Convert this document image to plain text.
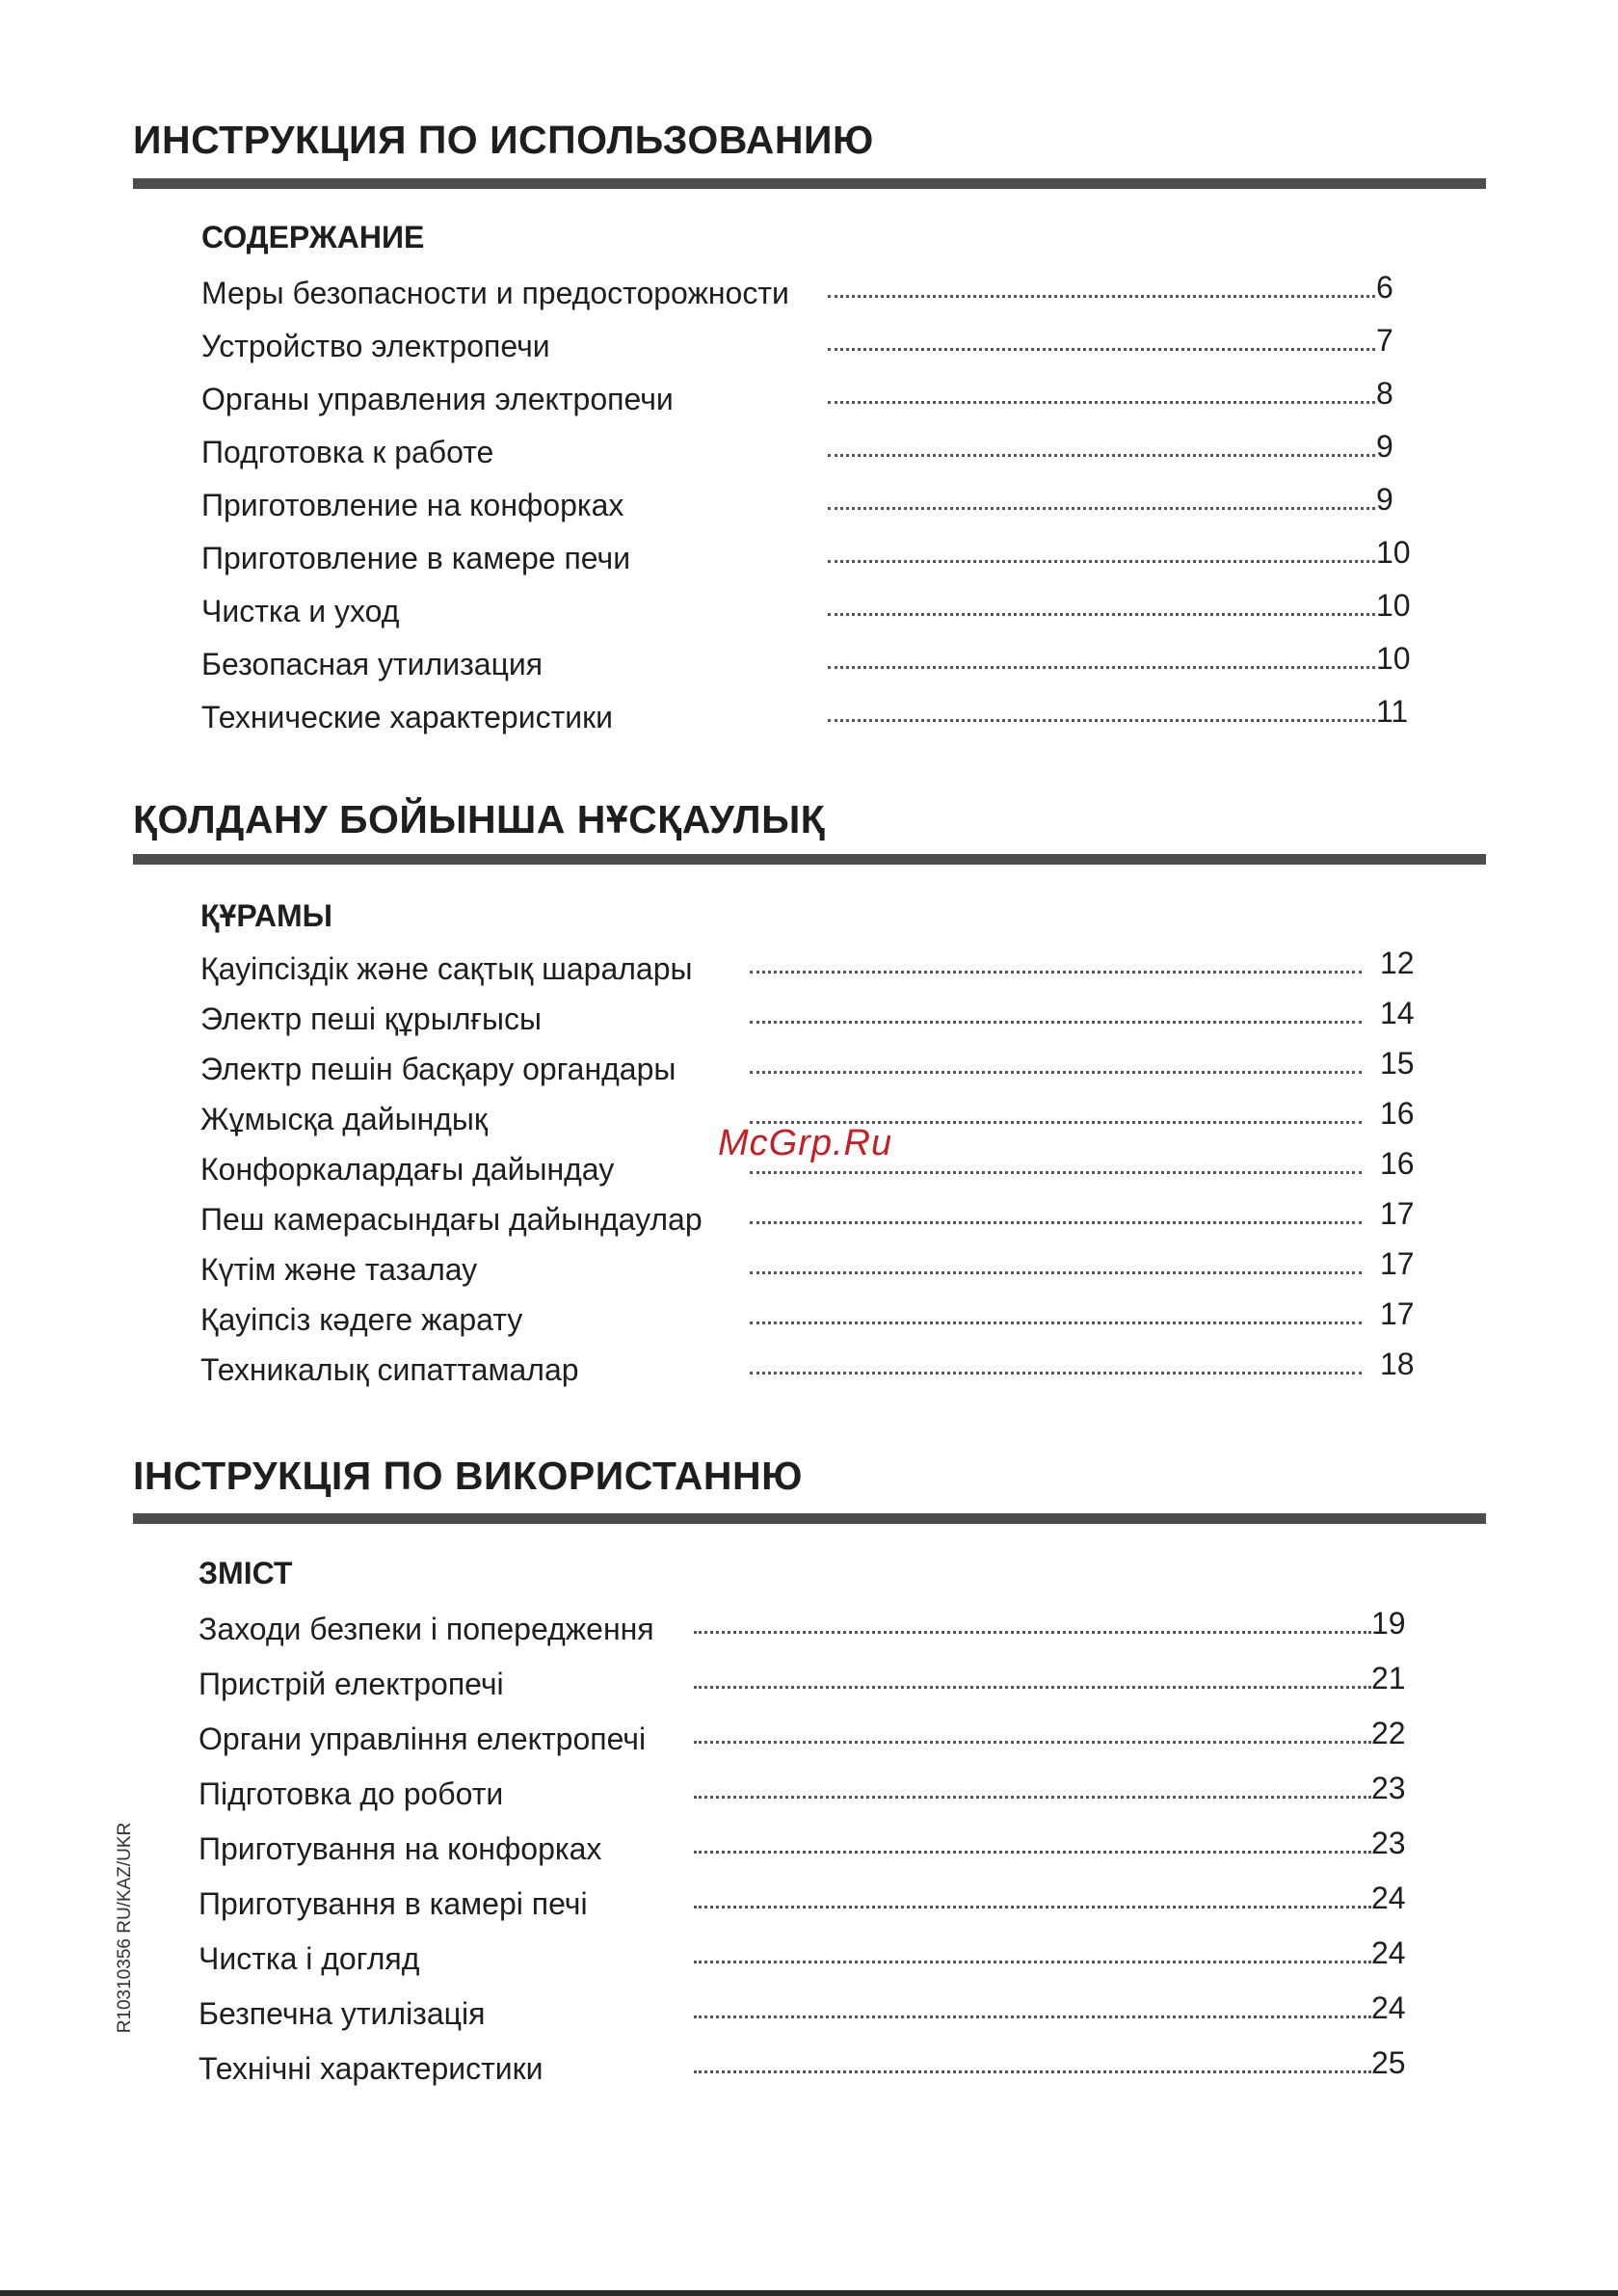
ИНСТРУКЦИЯ ПО ИСПОЛЬЗОВАНИЮ
СОДЕРЖАНИЕ
Меры безопасности и предосторожности	6
Устройство электропечи	7
Органы управления электропечи	8
Подготовка к работе	9
Приготовление на конфорках	9
Приготовление в камере печи	10
Чистка и уход	10
Безопасная утилизация	10
Технические характеристики	11
ҚОЛДАНУ БОЙЫНША НҰСҚАУЛЫҚ
ҚҰРАМЫ
Қауіпсіздік және сақтық шаралары	12
Электр пеші құрылғысы	14
Электр пешін басқару органдары	15
Жұмысқа дайындық	16
Конфоркалардағы дайындау	16
Пеш камерасындағы дайындаулар	17
Күтім және тазалау	17
Қауіпсіз кәдеге жарату	17
Техникалық сипаттамалар	18
McGrp.Ru
ІНСТРУКЦІЯ ПО ВИКОРИСТАННЮ
ЗМІСТ
Заходи безпеки і попередження	19
Пристрій електропечі	21
Органи управління електропечі	22
Підготовка до роботи	23
Приготування на конфорках	23
Приготування в камері печі	24
Чистка і догляд	24
Безпечна утилізація	24
Технічні характеристики	25
R10310356 RU/KAZ/UKR
